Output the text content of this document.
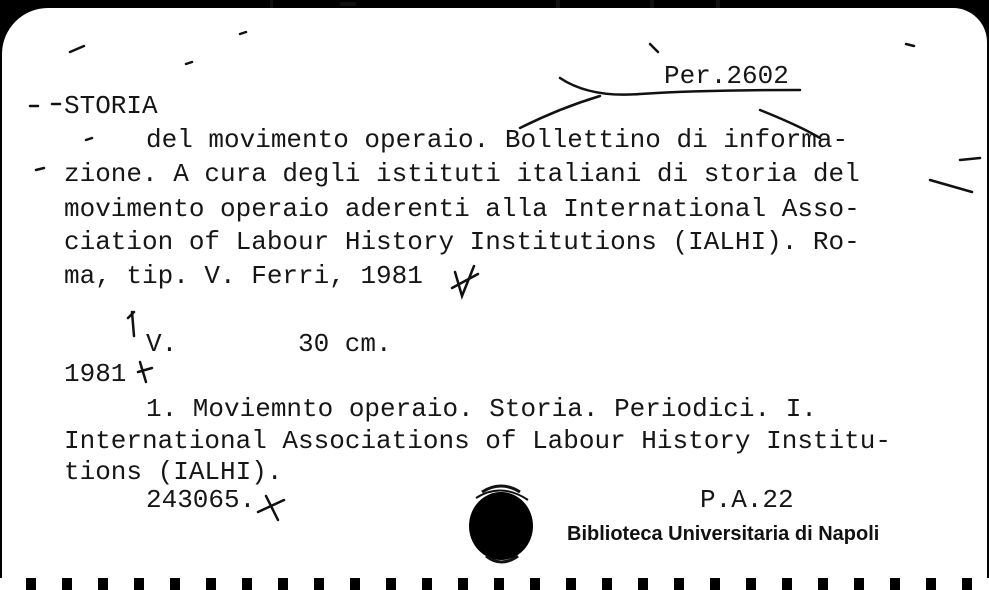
Per.2602
STORIA
del movimento operaio. Bollettino di informa-
zione. A cura degli istituti italiani di storia del
movimento operaio aderenti alla International Asso-
ciation of Labour History Institutions (IALHI). Ro-
ma, tip. V. Ferri, 1981
V.	30 cm.
1981
1. Moviemnto operaio. Storia. Periodici. I.
International Associations of Labour History Institu-
tions (IALHI).
243065.	P.A.22
Biblioteca Universitaria di Napoli
